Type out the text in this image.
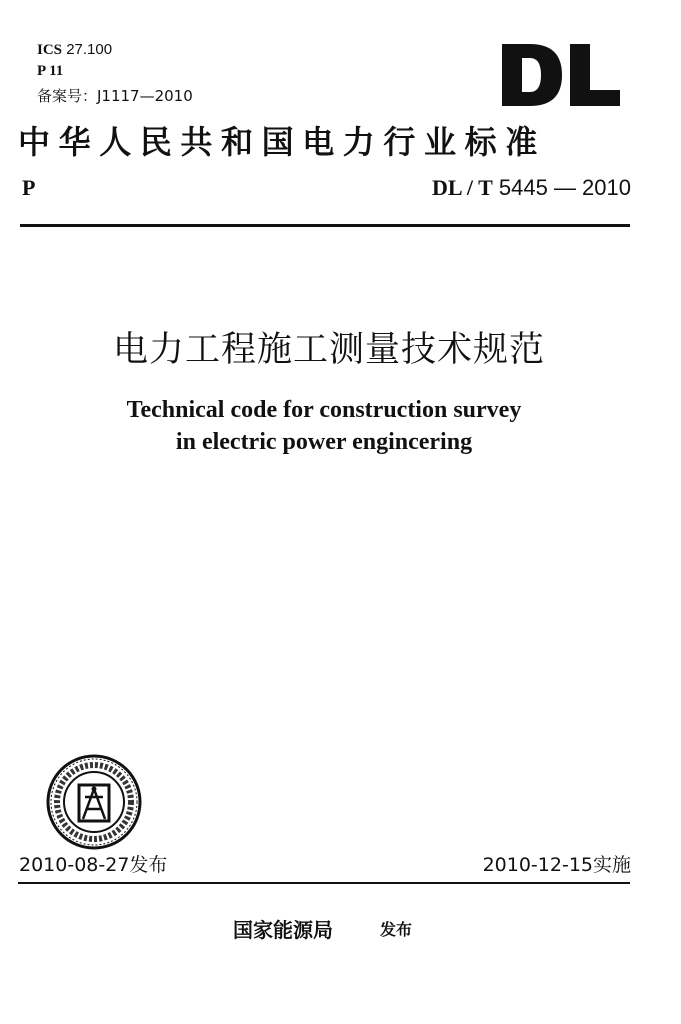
ICS 27.100
P 11
备案号：J1117—2010
中华人民共和国电力行业标准
P	DL / T 5445 — 2010
电力工程施工测量技术规范
Technical code for construction survey
in electric power engincering
2010-08-27发布	2010-12-15实施
国家能源局	发布
